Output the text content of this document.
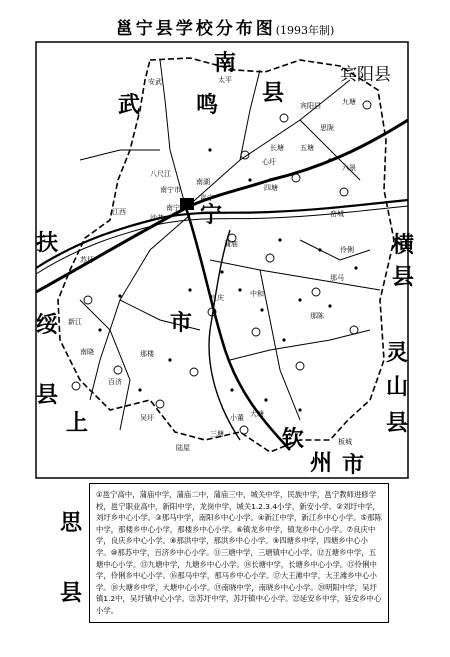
邕宁县学校分布图(1993年制)
武	鸣
南
县
宾阳县
横
县
扶
绥
县
灵
山
县
钦
州 市
上
思
县
宁
市
安武	太平
宾阳县
思陇
九塘
南宁市
邕宁
江西
沙井
伶俐
新江
南晓	那楼
百济
中和
吴圩
那陈
良庆
蒲庙
五塘
六景
峦城
苏圩
长塘
大塘
那马
小董
陆屋
板城
四塘
心圩
三塘
八尺江
南湖
南宁站
①邕宁高中，蒲庙中学，蒲庙二中，蒲庙三中，城关中学，民族中学，邕宁教师进修学校，邕宁职业高中，新阳中学，龙岗中学，城关1.2.3.4小学，新安小学。②刘圩中学，刘圩乡中心小学。③那马中学，南阳乡中心小学。④新江中学，新江乡中心小学。⑤那陈中学，那楼乡中心小学，那楼乡中心小学。⑥镇龙乡中学，镇龙乡中心小学。⑦良庆中学，良庆乡中心小学。⑧那洪中学，那洪乡中心小学。⑨四塘乡中学，四塘乡中心小学。⑩那苏中学，百济乡中心小学。⑪三塘中学，三塘镇中心小学。⑫五塘乡中学，五塘中心小学。⑬九塘中学，九塘乡中心小学。⑭长塘中学，长塘乡中心小学。⑮伶俐中学，伶俐乡中心小学。⑯那马中学，那马乡中心小学。⑰大王滩中学，大王滩乡中心小学。⑱大塘乡中学，大塘中心小学。⑲南晓中学，南晓乡中心小学。⑳明阳中学，吴圩镇1.2中，吴圩镇中心小学。㉑苏圩中学，苏圩镇中心小学。㉒延安乡中学，延安乡中心小学。
